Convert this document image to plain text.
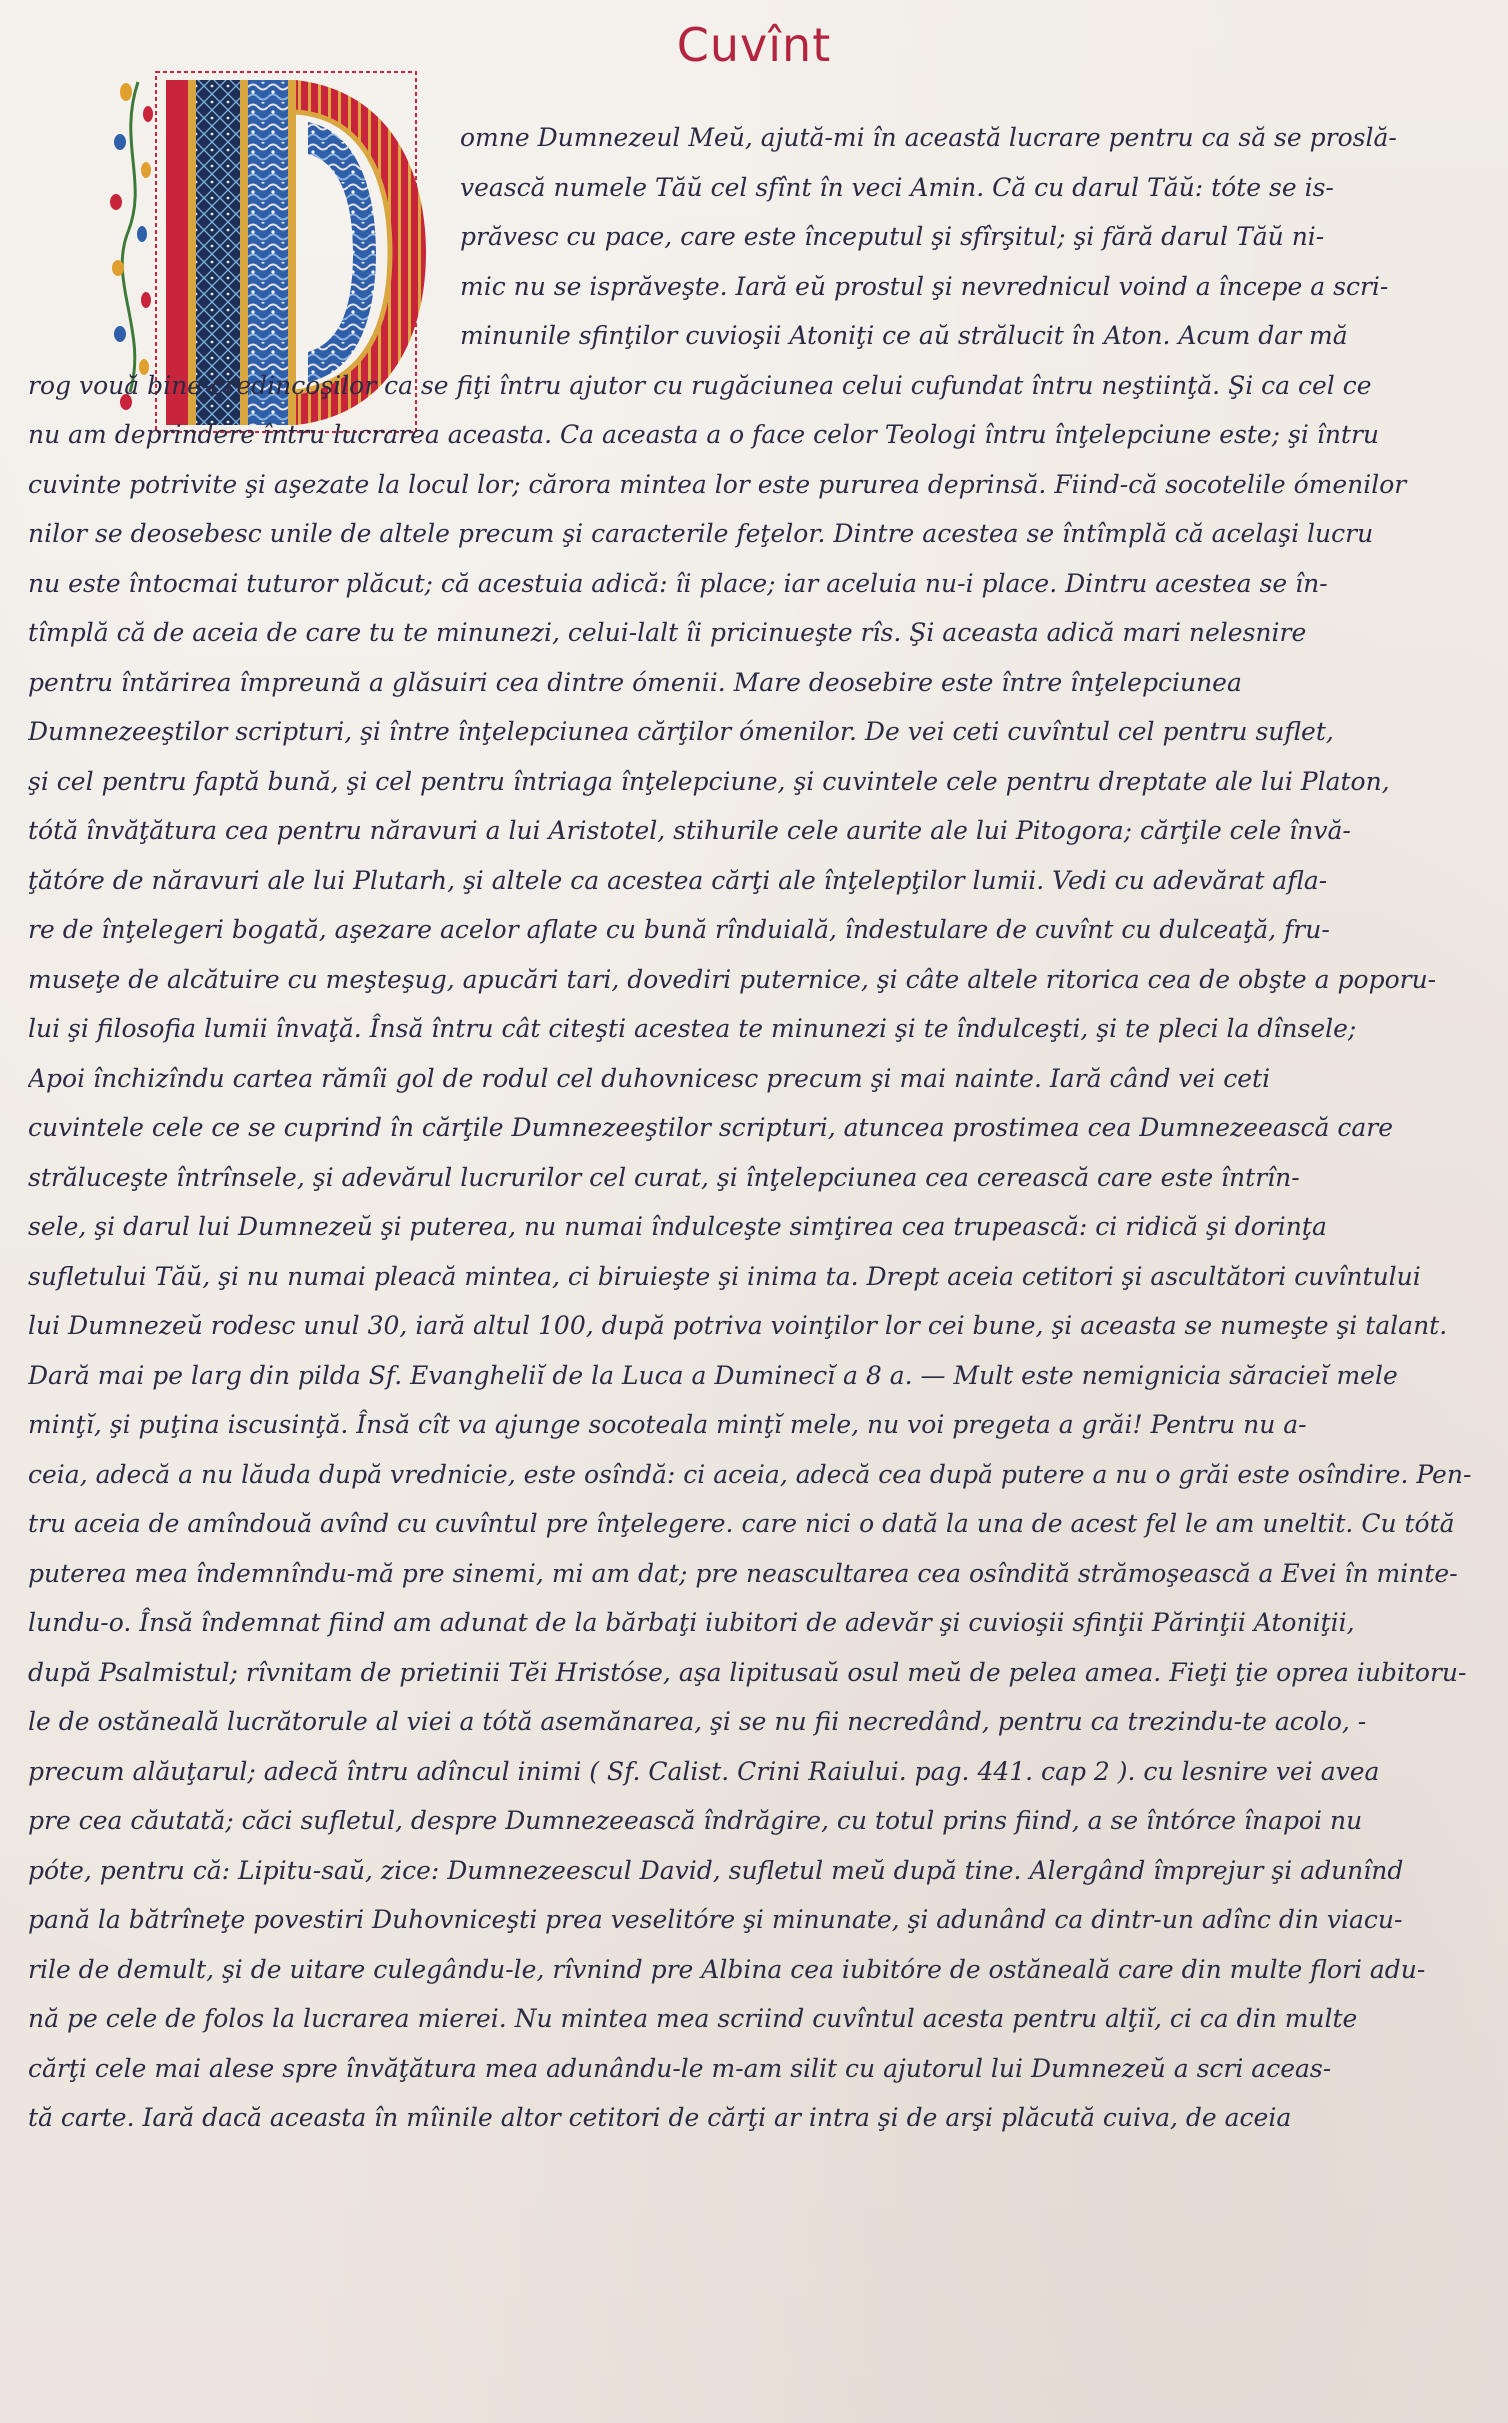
Cuvînt
omne Dumnezeul Meŭ, ajută-mi în această lucrare pentru ca să se proslă-
vească numele Tăŭ cel sfînt în veci Amin. Că cu darul Tăŭ: tóte se is-
prăvesc cu pace, care este începutul şi sfîrşitul; şi fără darul Tăŭ ni-
mic nu se isprăveşte. Iară eŭ prostul şi nevrednicul voind a începe a scri-
minunile sfinţilor cuvioşii Atoniţi ce aŭ strălucit în Aton. Acum dar mă
rog vouă bine-credincoşilor ca se fiţi întru ajutor cu rugăciunea celui cufundat întru neştiinţă. Şi ca cel ce
nu am deprindere întru lucrarea aceasta. Ca aceasta a o face celor Teologi întru înţelepciune este; şi întru
cuvinte potrivite şi aşezate la locul lor; cărora mintea lor este pururea deprinsă. Fiind-că socotelile ómenilor
nilor se deosebesc unile de altele precum şi caracterile feţelor. Dintre acestea se întîmplă că acelaşi lucru
nu este întocmai tuturor plăcut; că acestuia adică: îi place; iar aceluia nu-i place. Dintru acestea se în-
tîmplă că de aceia de care tu te minunezi, celui-lalt îi pricinueşte rîs. Şi aceasta adică mari nelesnire
pentru întărirea împreună a glăsuiri cea dintre ómenii. Mare deosebire este între înţelepciunea
Dumnezeeştilor scripturi, şi între înţelepciunea cărţilor ómenilor. De vei ceti cuvîntul cel pentru suflet,
şi cel pentru faptă bună, şi cel pentru întriaga înţelepciune, şi cuvintele cele pentru dreptate ale lui Platon,
tótă învăţătura cea pentru năravuri a lui Aristotel, stihurile cele aurite ale lui Pitogora; cărţile cele învă-
ţătóre de năravuri ale lui Plutarh, şi altele ca acestea cărţi ale înţelepţilor lumii. Vedi cu adevărat afla-
re de înţelegeri bogată, aşezare acelor aflate cu bună rînduială, îndestulare de cuvînt cu dulceaţă, fru-
museţe de alcătuire cu meşteşug, apucări tari, dovediri puternice, şi câte altele ritorica cea de obşte a poporu-
lui şi filosofia lumii învaţă. Însă întru cât citeşti acestea te minunezi şi te îndulceşti, şi te pleci la dînsele;
Apoi închizîndu cartea rămîi gol de rodul cel duhovnicesc precum şi mai nainte. Iară când vei ceti
cuvintele cele ce se cuprind în cărţile Dumnezeeştilor scripturi, atuncea prostimea cea Dumnezeească care
străluceşte întrînsele, şi adevărul lucrurilor cel curat, şi înţelepciunea cea cerească care este întrîn-
sele, şi darul lui Dumnezeŭ şi puterea, nu numai îndulceşte simţirea cea trupească: ci ridică şi dorinţa
sufletului Tăŭ, şi nu numai pleacă mintea, ci biruieşte şi inima ta. Drept aceia cetitori şi ascultători cuvîntului
lui Dumnezeŭ rodesc unul 30, iară altul 100, după potriva voinţilor lor cei bune, şi aceasta se numeşte şi talant.
Dară mai pe larg din pilda Sf. Evangheliĭ de la Luca a Duminecĭ a 8 a. — Mult este nemignicia săracieĭ mele
minţĭ, şi puţina iscusinţă. Însă cît va ajunge socoteala minţĭ mele, nu voi pregeta a grăi! Pentru nu a-
ceia, adecă a nu lăuda după vrednicie, este osîndă: ci aceia, adecă cea după putere a nu o grăi este osîndire. Pen-
tru aceia de amîndouă avînd cu cuvîntul pre înţelegere. care nici o dată la una de acest fel le am uneltit. Cu tótă
puterea mea îndemnîndu-mă pre sinemi, mi am dat; pre neascultarea cea osîndită strămoşească a Evei în minte-
lundu-o. Însă îndemnat fiind am adunat de la bărbaţi iubitori de adevăr şi cuvioşii sfinţii Părinţii Atoniţii,
după Psalmistul; rîvnitam de prietinii Tĕi Hristóse, aşa lipitusaŭ osul meŭ de pelea amea. Fieţi ţie oprea iubitoru-
le de ostăneală lucrătorule al viei a tótă asemănarea, şi se nu fii necredând, pentru ca trezindu-te acolo, -
precum alăuţarul; adecă întru adîncul inimi ( Sf. Calist. Crini Raiului. pag. 441. cap 2 ). cu lesnire vei avea
pre cea căutată; căci sufletul, despre Dumnezeească îndrăgire, cu totul prins fiind, a se întórce înapoi nu
póte, pentru că: Lipitu-saŭ, zice: Dumnezeescul David, sufletul meŭ după tine. Alergând împrejur şi adunînd
pană la bătrîneţe povestiri Duhovniceşti prea veselitóre şi minunate, şi adunând ca dintr-un adînc din viacu-
rile de demult, şi de uitare culegându-le, rîvnind pre Albina cea iubitóre de ostăneală care din multe flori adu-
nă pe cele de folos la lucrarea mierei. Nu mintea mea scriind cuvîntul acesta pentru alţiĭ, ci ca din multe
cărţi cele mai alese spre învăţătura mea adunându-le m-am silit cu ajutorul lui Dumnezeŭ a scri aceas-
tă carte. Iară dacă aceasta în mîinile altor cetitori de cărţi ar intra şi de arşi plăcută cuiva, de aceia
